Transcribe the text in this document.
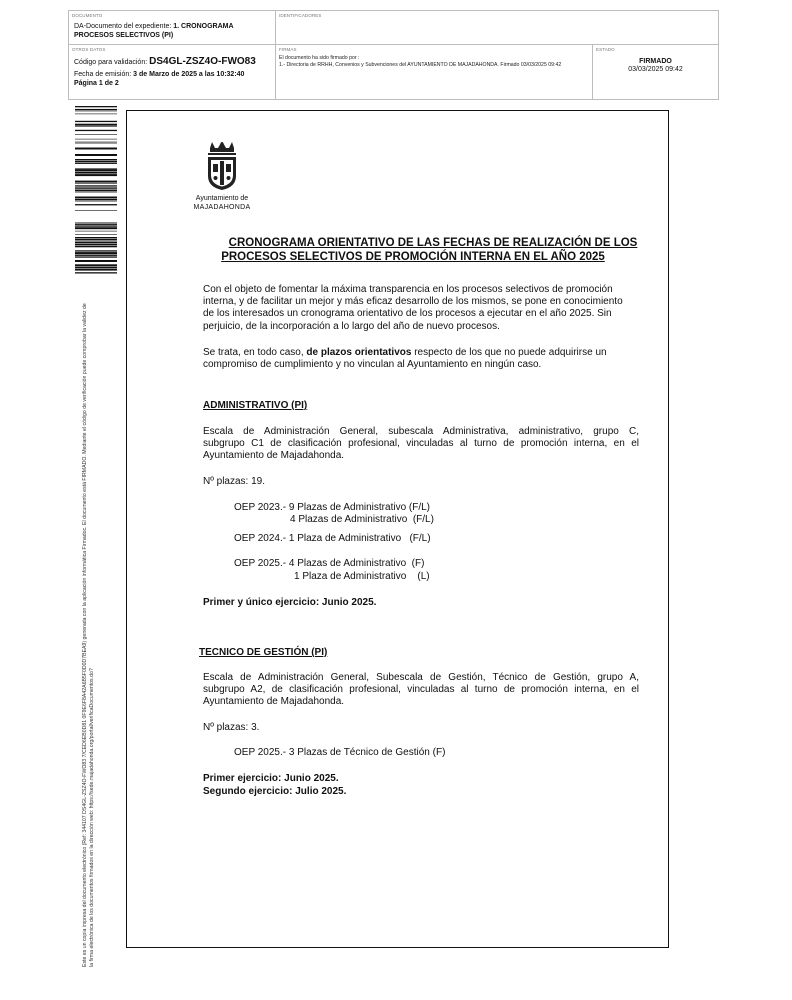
DOCUMENTO
DA-Documento del expediente: 1. CRONOGRAMA PROCESOS SELECTIVOS (PI)
IDENTIFICADORES
OTROS DATOS
Código para validación: DS4GL-ZSZ4O-FWO83
Fecha de emisión: 3 de Marzo de 2025 a las 10:32:40
Página 1 de 2
FIRMAS
El documento ha sido firmado por :
1.- Directoria de RRHH, Convenios y Subvenciones del AYUNTAMIENTO DE MAJADAHONDA. Firmado 03/03/2025 09:42
ESTADO
FIRMADO
03/03/2025 09:42
Este es un copia impresa del documento electrónico (Ref: 344107 DS4GL-ZSZ4O-FWO83 7/CED6EB0D81 0F9E6F8A42A6B5F0D0D7BEA9) generada con la aplicación informática Firmadoc. El documento está FIRMADO. Mediante el código de verificación puede comprobar la validez de la firma electrónica de los documentos firmados en la dirección web: https://sede.majadahonda.org/portal/verificaDocumentos.do?
Ayuntamiento de
MAJADAHONDA
CRONOGRAMA ORIENTATIVO DE LAS FECHAS DE REALIZACIÓN DE LOS
PROCESOS SELECTIVOS DE PROMOCIÓN INTERNA EN EL AÑO 2025
Con el objeto de fomentar la máxima transparencia en los procesos selectivos de promoción
interna, y de facilitar un mejor y más eficaz desarrollo de los mismos, se pone en conocimiento
de los interesados un cronograma orientativo de los procesos a ejecutar en el año 2025. Sin
perjuicio, de la incorporación a lo largo del año de nuevo procesos.
Se trata, en todo caso, de plazos orientativos respecto de los que no puede adquirirse un
compromiso de cumplimiento y no vinculan al Ayuntamiento en ningún caso.
ADMINISTRATIVO (PI)
Escala de Administración General, subescala Administrativa, administrativo, grupo C,
subgrupo C1 de clasificación profesional, vinculadas al turno de promoción interna, en el
Ayuntamiento de Majadahonda.
Nº plazas: 19.
OEP 2023.- 9 Plazas de Administrativo (F/L)
4 Plazas de Administrativo  (F/L)
OEP 2024.- 1 Plaza de Administrativo   (F/L)
OEP 2025.- 4 Plazas de Administrativo  (F)
1 Plaza de Administrativo    (L)
Primer y único ejercicio: Junio 2025.
TECNICO DE GESTIÓN (PI)
Escala de Administración General, Subescala de Gestión, Técnico de Gestión, grupo A,
subgrupo A2, de clasificación profesional, vinculadas al turno de promoción interna, en el
Ayuntamiento de Majadahonda.
Nº plazas: 3.
OEP 2025.- 3 Plazas de Técnico de Gestión (F)
Primer ejercicio: Junio 2025.
Segundo ejercicio: Julio 2025.
